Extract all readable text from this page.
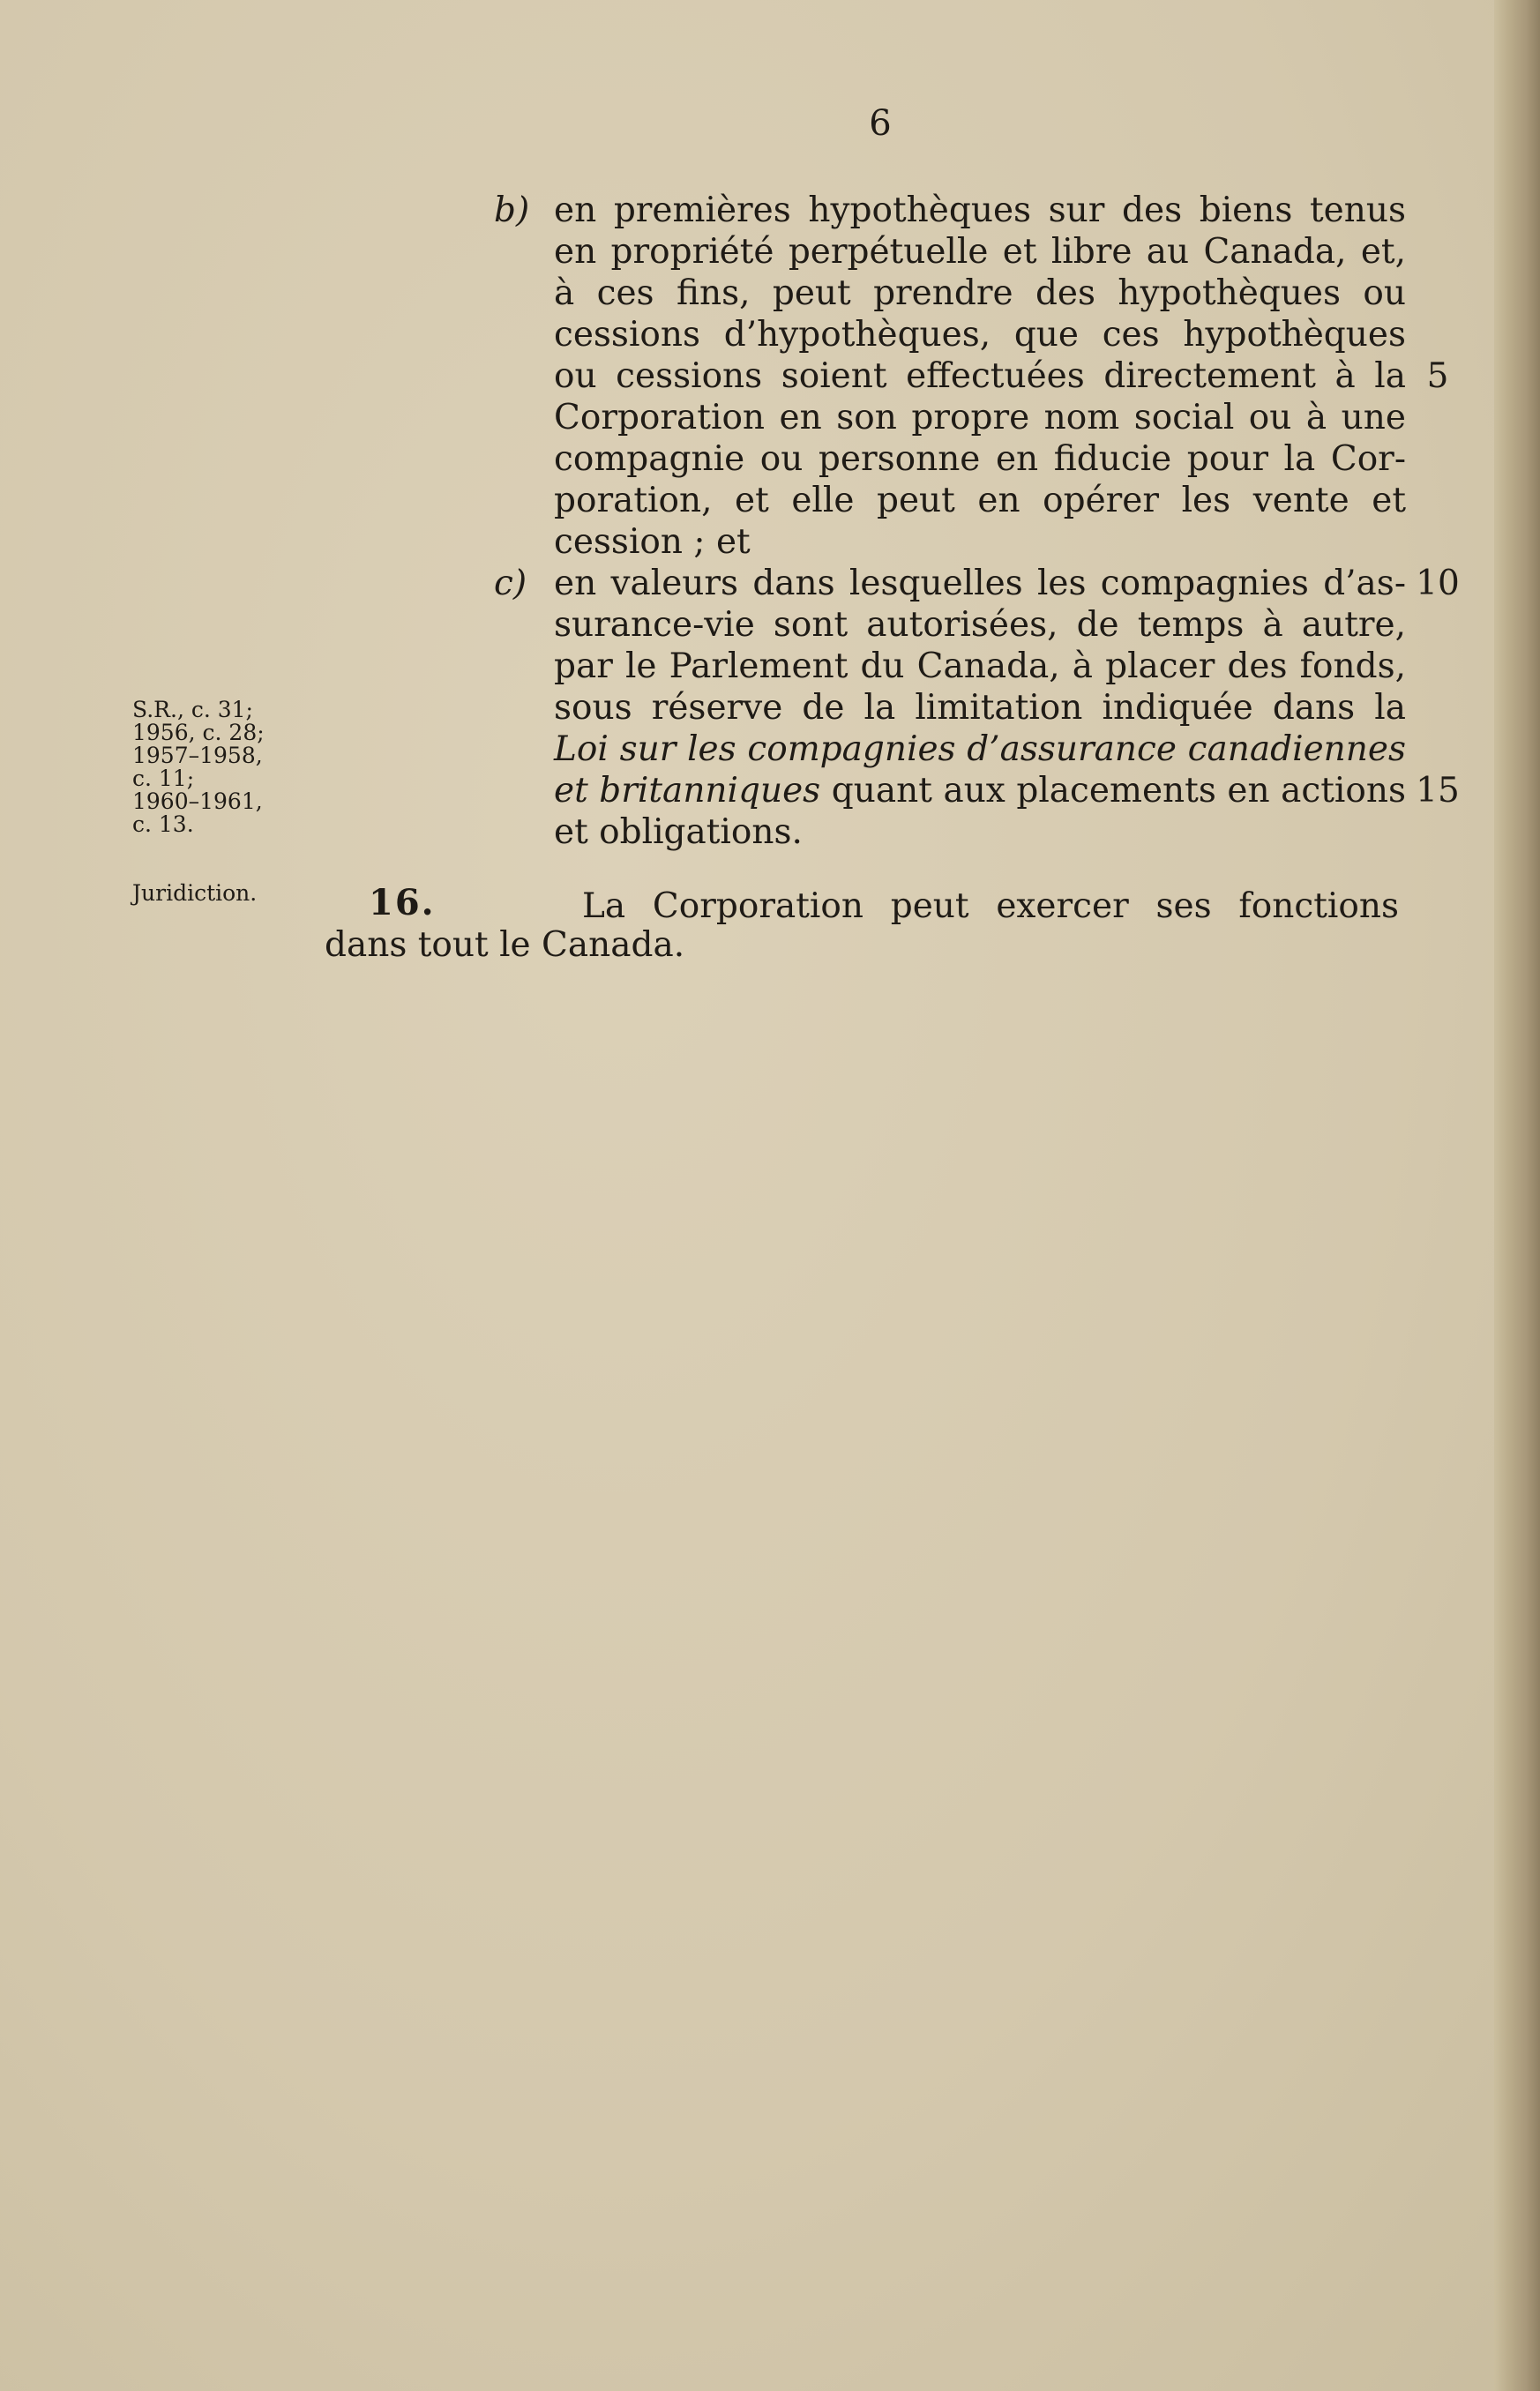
6
b) en premières hypothèques sur des biens tenus
en propriété perpétuelle et libre au Canada, et,
à ces fins, peut prendre des hypothèques ou
cessions d’hypothèques, que ces hypothèques
ou cessions soient effectuées directement à la
Corporation en son propre nom social ou à une
compagnie ou personne en fiducie pour la Cor-
poration, et elle peut en opérer les vente et
cession ; et
c) en valeurs dans lesquelles les compagnies d’as-
surance-vie sont autorisées, de temps à autre,
par le Parlement du Canada, à placer des fonds,
sous réserve de la limitation indiquée dans la
Loi sur les compagnies d’assurance canadiennes
et britanniques quant aux placements en actions
et obligations.
5
10
15
S.R., c. 31;
1956, c. 28;
1957–1958,
c. 11;
1960–1961,
c. 13.
Juridiction.	16.	La Corporation peut exercer ses fonctions
dans tout le Canada.
